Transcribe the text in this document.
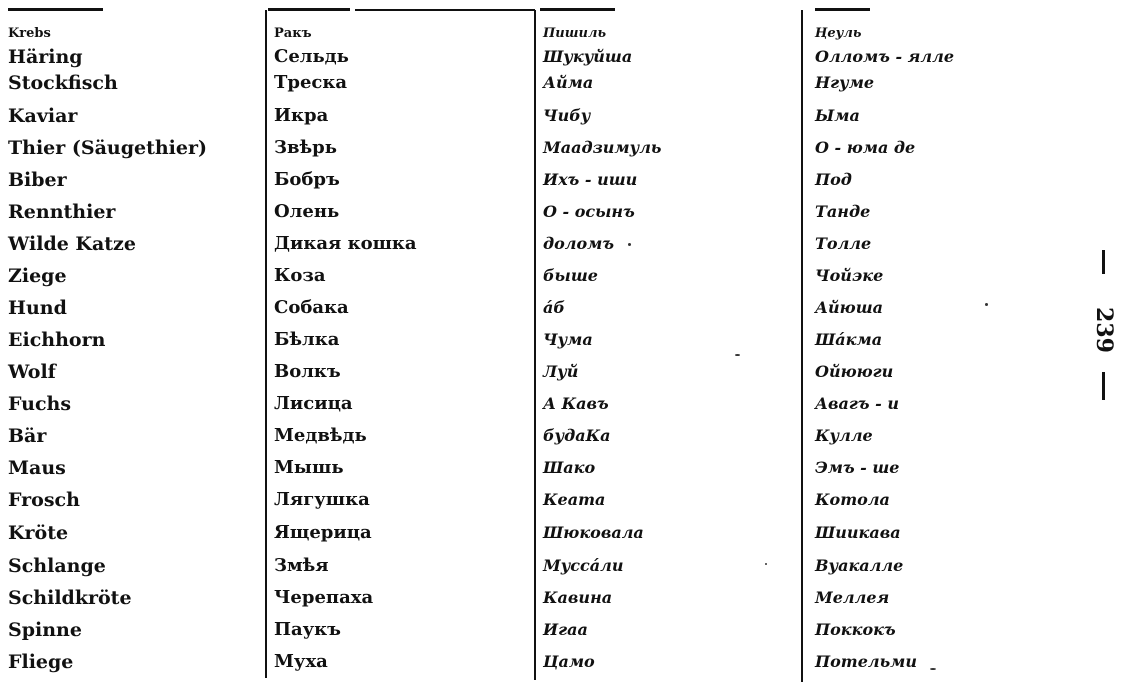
Krebs	Ракъ	Пишиль	Ңеуль
Häring	Сельдь	Шукуйша	Олломъ - ялле
Stockfisch	Треска	Айма	Нгуме
Kaviar	Икра	Чибу	Ыма
Thier (Säugethier)	Звѣрь	Маадзимуль	О - юма де
Biber	Бобръ	Ихъ - иши	Под
Rennthier	Олень	О - осынъ	Танде
Wilde Katze	Дикая кошка	доломъ	Толле
Ziege	Коза	быше	Чойэке
Hund	Собака	áб	Айюша
Eichhorn	Бѣлка	Чума	Шáкма
Wolf	Волкъ	Луй	Ойююги
Fuchs	Лисица	А Кавъ	Авагъ - и
Bär	Медвѣдь	будаКа	Кулле
Maus	Мышь	Шако	Эмъ - ше
Frosch	Лягушка	Кеата	Котола
Kröte	Ящерица	Шюковала	Шиикава
Schlange	Змѣя	Муссáли	Вуакалле
Schildkröte	Черепаха	Кавина	Меллея
Spinne	Паукъ	Игаа	Поккокъ
Fliege	Муха	Цамо	Потельми
239
